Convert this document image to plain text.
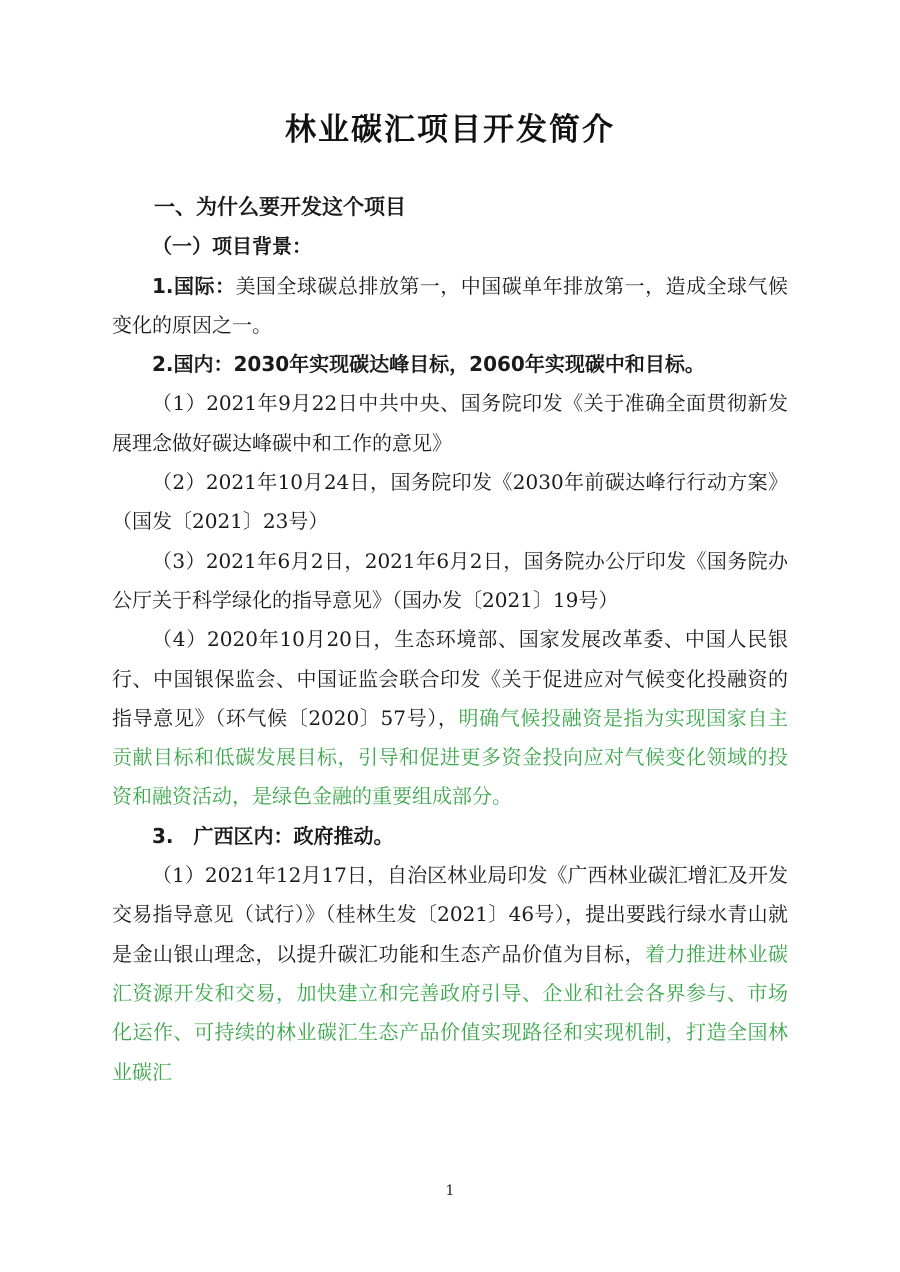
林业碳汇项目开发简介

一、为什么要开发这个项目

（一）项目背景：

1.国际：美国全球碳总排放第一，中国碳单年排放第一，造成全球气候变化的原因之一。

2.国内：2030年实现碳达峰目标，2060年实现碳中和目标。

（1）2021年9月22日中共中央、国务院印发《关于准确全面贯彻新发展理念做好碳达峰碳中和工作的意见》

（2）2021年10月24日，国务院印发《2030年前碳达峰行行动方案》（国发〔2021〕23号）

（3）2021年6月2日，2021年6月2日，国务院办公厅印发《国务院办公厅关于科学绿化的指导意见》（国办发〔2021〕19号）

（4）2020年10月20日，生态环境部、国家发展改革委、中国人民银行、中国银保监会、中国证监会联合印发《关于促进应对气候变化投融资的指导意见》（环气候〔2020〕57号），明确气候投融资是指为实现国家自主贡献目标和低碳发展目标，引导和促进更多资金投向应对气候变化领域的投资和融资活动，是绿色金融的重要组成部分。

3.　广西区内：政府推动。

（1）2021年12月17日，自治区林业局印发《广西林业碳汇增汇及开发交易指导意见（试行）》（桂林生发〔2021〕46号），提出要践行绿水青山就是金山银山理念，以提升碳汇功能和生态产品价值为目标，着力推进林业碳汇资源开发和交易，加快建立和完善政府引导、企业和社会各界参与、市场化运作、可持续的林业碳汇生态产品价值实现路径和实现机制，打造全国林业碳汇

1
